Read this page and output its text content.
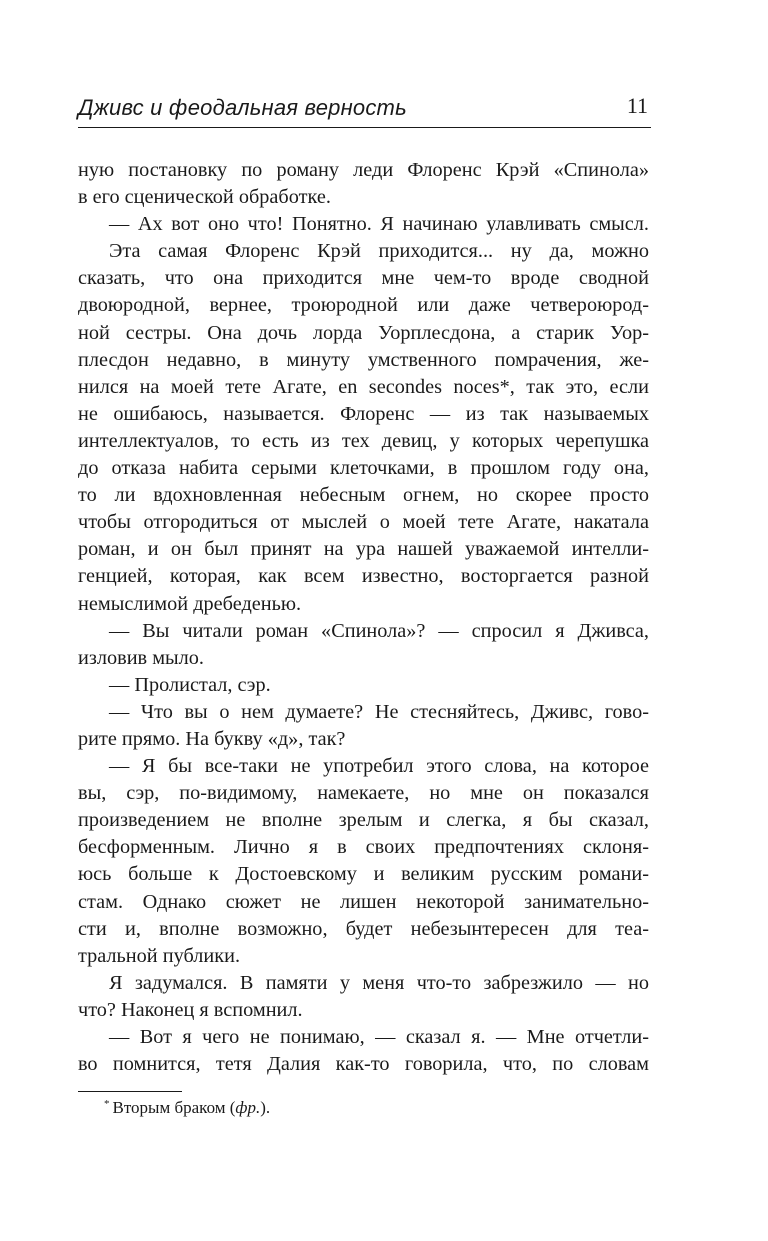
Дживс и феодальная верность	11
ную постановку по роману леди Флоренс Крэй «Спинола»
в его сценической обработке.
— Ах вот оно что! Понятно. Я начинаю улавливать смысл.
Эта самая Флоренс Крэй приходится... ну да, можно
сказать, что она приходится мне чем-то вроде сводной
двоюродной, вернее, троюродной или даже четвероюрод-
ной сестры. Она дочь лорда Уорплесдона, а старик Уор-
плесдон недавно, в минуту умственного помрачения, же-
нился на моей тете Агате, en secondes noces*, так это, если
не ошибаюсь, называется. Флоренс — из так называемых
интеллектуалов, то есть из тех девиц, у которых черепушка
до отказа набита серыми клеточками, в прошлом году она,
то ли вдохновленная небесным огнем, но скорее просто
чтобы отгородиться от мыслей о моей тете Агате, накатала
роман, и он был принят на ура нашей уважаемой интелли-
генцией, которая, как всем известно, восторгается разной
немыслимой дребеденью.
— Вы читали роман «Спинола»? — спросил я Дживса,
изловив мыло.
— Пролистал, сэр.
— Что вы о нем думаете? Не стесняйтесь, Дживс, гово-
рите прямо. На букву «д», так?
— Я бы все-таки не употребил этого слова, на которое
вы, сэр, по-видимому, намекаете, но мне он показался
произведением не вполне зрелым и слегка, я бы сказал,
бесформенным. Лично я в своих предпочтениях склоня-
юсь больше к Достоевскому и великим русским романи-
стам. Однако сюжет не лишен некоторой занимательно-
сти и, вполне возможно, будет небезынтересен для теа-
тральной публики.
Я задумался. В памяти у меня что-то забрезжило — но
что? Наконец я вспомнил.
— Вот я чего не понимаю, — сказал я. — Мне отчетли-
во помнится, тетя Далия как-то говорила, что, по словам
* Вторым браком (фр.).
